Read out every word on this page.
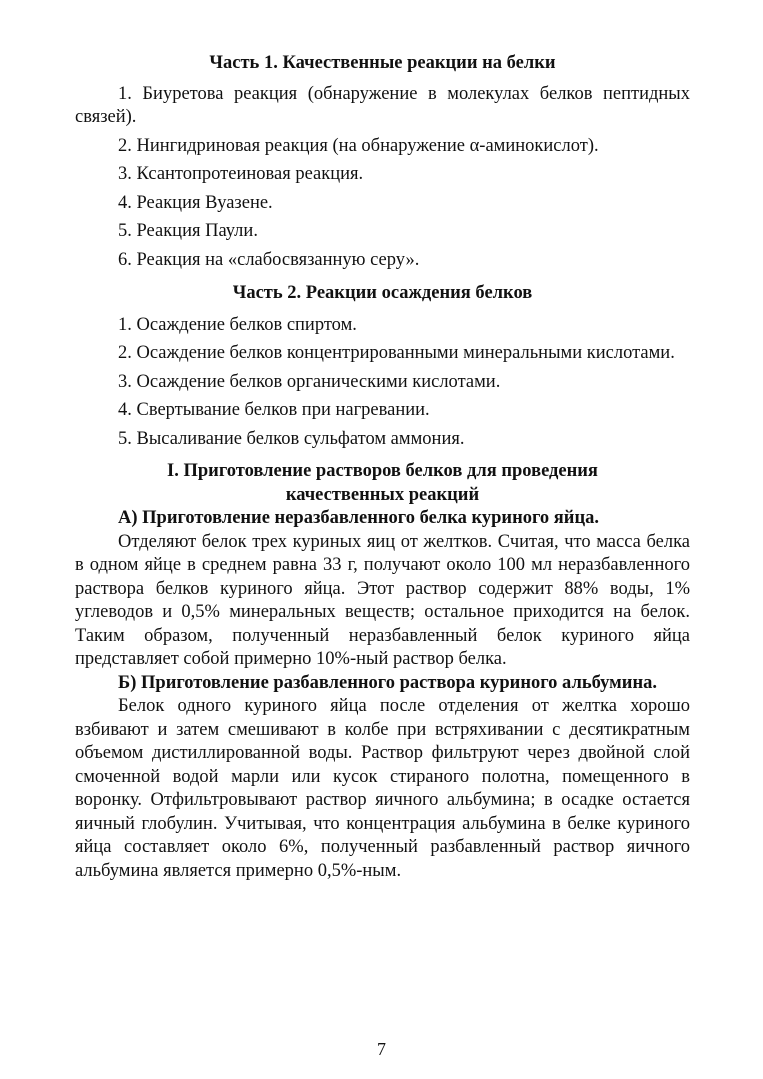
Часть 1. Качественные реакции на белки

1. Биуретова реакция (обнаружение в молекулах белков пептидных связей).

2. Нингидриновая реакция (на обнаружение α-аминокислот).

3. Ксантопротеиновая реакция.

4. Реакция Вуазене.

5. Реакция Паули.

6. Реакция на «слабосвязанную серу».

Часть 2. Реакции осаждения белков

1. Осаждение белков спиртом.

2. Осаждение белков концентрированными минеральными кислотами.

3. Осаждение белков органическими кислотами.

4. Свертывание белков при нагревании.

5. Высаливание белков сульфатом аммония.

I. Приготовление растворов белков для проведения
качественных реакций

А) Приготовление неразбавленного белка куриного яйца.

Отделяют белок трех куриных яиц от желтков. Считая, что масса белка в одном яйце в среднем равна 33 г, получают около 100 мл неразбавленного раствора белков куриного яйца. Этот раствор содержит 88% воды, 1% углеводов и 0,5% минеральных веществ; остальное приходится на белок. Таким образом, полученный неразбавленный белок куриного яйца представляет собой примерно 10%-ный раствор белка.

Б) Приготовление разбавленного раствора куриного альбумина.

Белок одного куриного яйца после отделения от желтка хорошо взбивают и затем смешивают в колбе при встряхивании с десятикратным объемом дистиллированной воды. Раствор фильтруют через двойной слой смоченной водой марли или кусок стираного полотна, помещенного в воронку. Отфильтровывают раствор яичного альбумина; в осадке остается яичный глобулин. Учитывая, что концентрация альбумина в белке куриного яйца составляет около 6%, полученный разбавленный раствор яичного альбумина является примерно 0,5%-ным.

7
